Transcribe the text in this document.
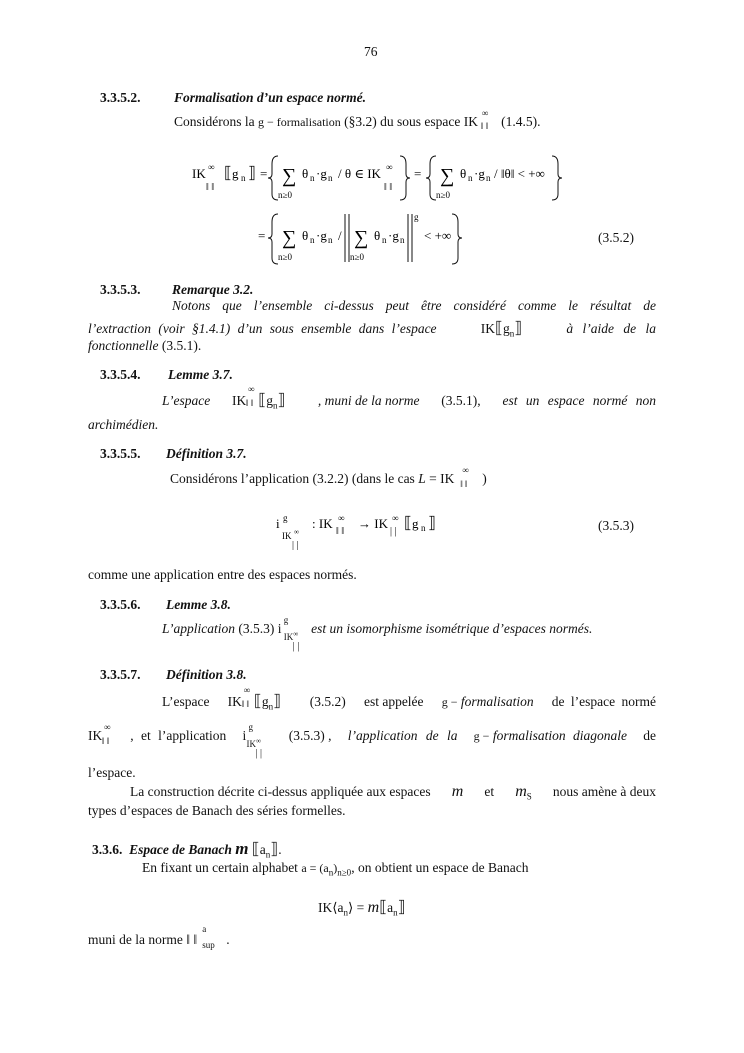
76
3.3.5.2. Formalisation d’un espace normé.
Considérons la g − formalisation (§3.2) du sous espace IK
∞
‖ ‖ (1.4.5).
IK ∞
‖ ‖
⟦ g n ⟧ = ∑
n≥0
θ n ·g n / θ ∈ IK ∞
‖ ‖
= ∑
n≥0
θ n ·g n / ‖θ‖ < +∞
= ∑
n≥0
θ n ·g n / ∑
n≥0
θ n ·g n
g
< +∞	(3.5.2)
3.3.5.3. Remarque 3.2.
Notons que l’ensemble ci-dessus peut être considéré comme le résultat de
l’extraction (voir §1.4.1) d’un sous ensemble dans l’espace	$IK⟦g_n⟧$	à l’aide de la
fonctionnelle (3.5.1).
3.3.5.4. Lemme 3.7.
L’espace IK
∞
‖ ‖ $⟦g_n⟧$	, muni de la norme (3.5.1), est un espace normé non
archimédien.
3.3.5.5. Définition 3.7.
Considérons l’application (3.2.2) (dans le cas L = IK
∞
‖ ‖ )
i g
IK ∞
| |
: IK ∞
‖ ‖
→ IK ∞
| | ⟦ g n ⟧	(3.5.3)
comme une application entre des espaces normés.
3.3.5.6. Lemme 3.8.
L’application (3.5.3) i
g
IK∞
| |
est un isomorphisme isométrique d’espaces normés.
3.3.5.7. Définition 3.8.
L’espace IK
∞
‖ ‖ $⟦g_n⟧$	(3.5.2) est appelée g − formalisation de l’espace normé
IK
∞
‖ ‖ , et l’application i
g
IK∞
| |
(3.5.3) , l’application de la g − formalisation diagonale de
l’espace.
La construction décrite ci-dessus appliquée aux espaces m et $m_S$ nous amène à deux
types d’espaces de Banach des séries formelles.
3.3.6. Espace de Banach m $⟦a_n⟧$.
En fixant un certain alphabet $a = (a_n)_{n\ge 0}$, on obtient un espace de Banach
$IK⟨a_n⟩$ = $m⟦a_n⟧$
muni de la norme ‖ ‖
a
sup .
